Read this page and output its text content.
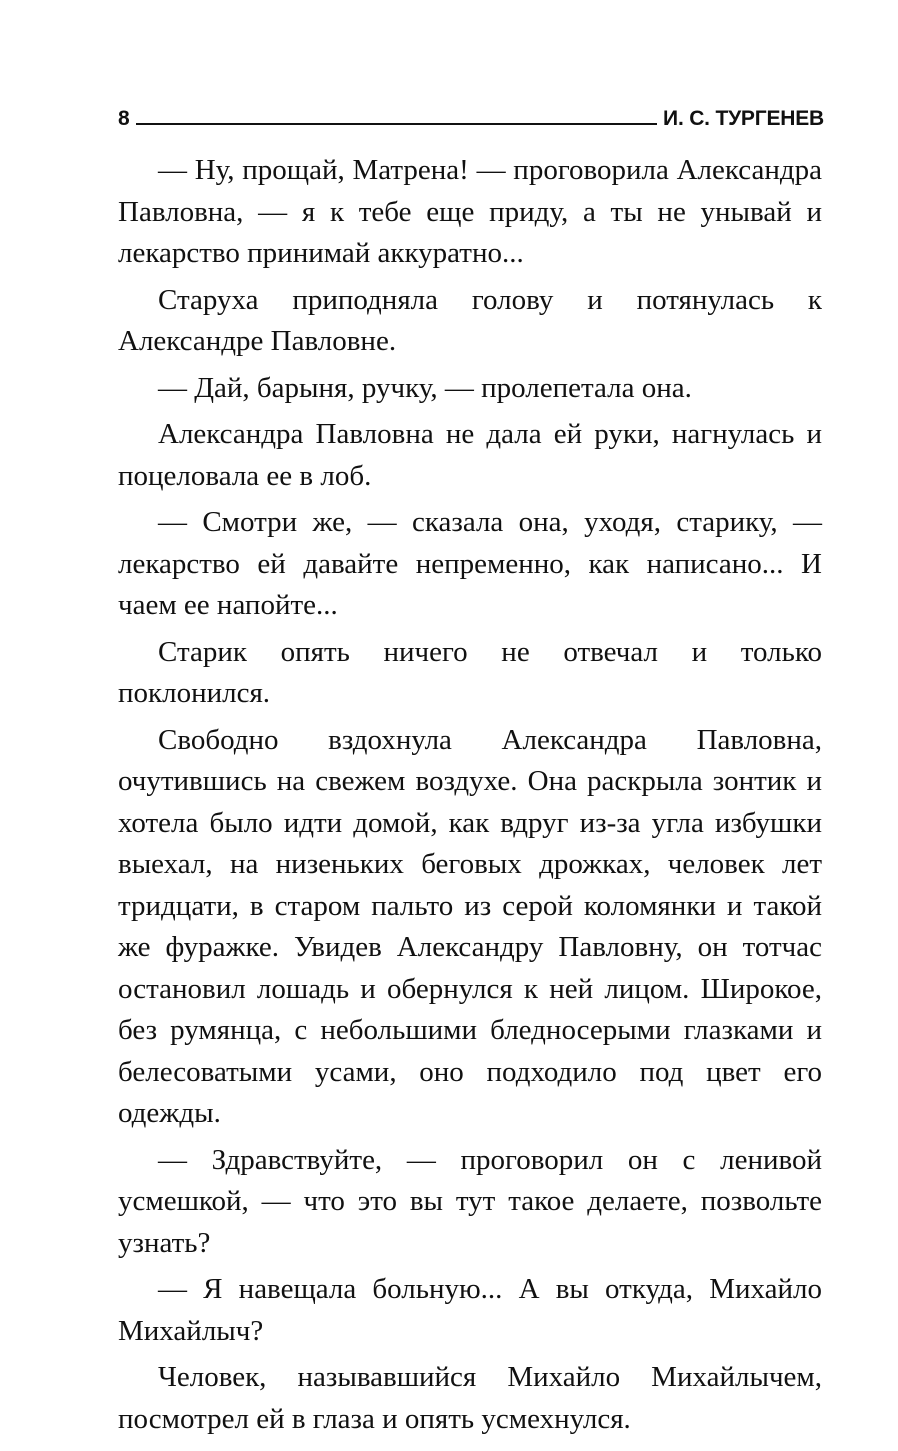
8	И. С. ТУРГЕНЕВ

— Ну, прощай, Матрена! — проговорила Александра Павловна, — я к тебе еще приду, а ты не унывай и лекарство принимай аккуратно...

Старуха приподняла голову и потянулась к Александре Павловне.

— Дай, барыня, ручку, — пролепетала она.

Александра Павловна не дала ей руки, нагнулась и поцеловала ее в лоб.

— Смотри же, — сказала она, уходя, старику, — лекарство ей давайте непременно, как написано... И чаем ее напойте...

Старик опять ничего не отвечал и только поклонился.

Свободно вздохнула Александра Павловна, очутившись на свежем воздухе. Она раскрыла зонтик и хотела было идти домой, как вдруг из-за угла избушки выехал, на низеньких беговых дрожках, человек лет тридцати, в старом пальто из серой коломянки и такой же фуражке. Увидев Александру Павловну, он тотчас остановил лошадь и обернулся к ней лицом. Широкое, без румянца, с небольшими бледносерыми глазками и белесоватыми усами, оно подходило под цвет его одежды.

— Здравствуйте, — проговорил он с ленивой усмешкой, — что это вы тут такое делаете, позвольте узнать?

— Я навещала больную... А вы откуда, Михайло Михайлыч?

Человек, называвшийся Михайло Михайлычем, посмотрел ей в глаза и опять усмехнулся.
